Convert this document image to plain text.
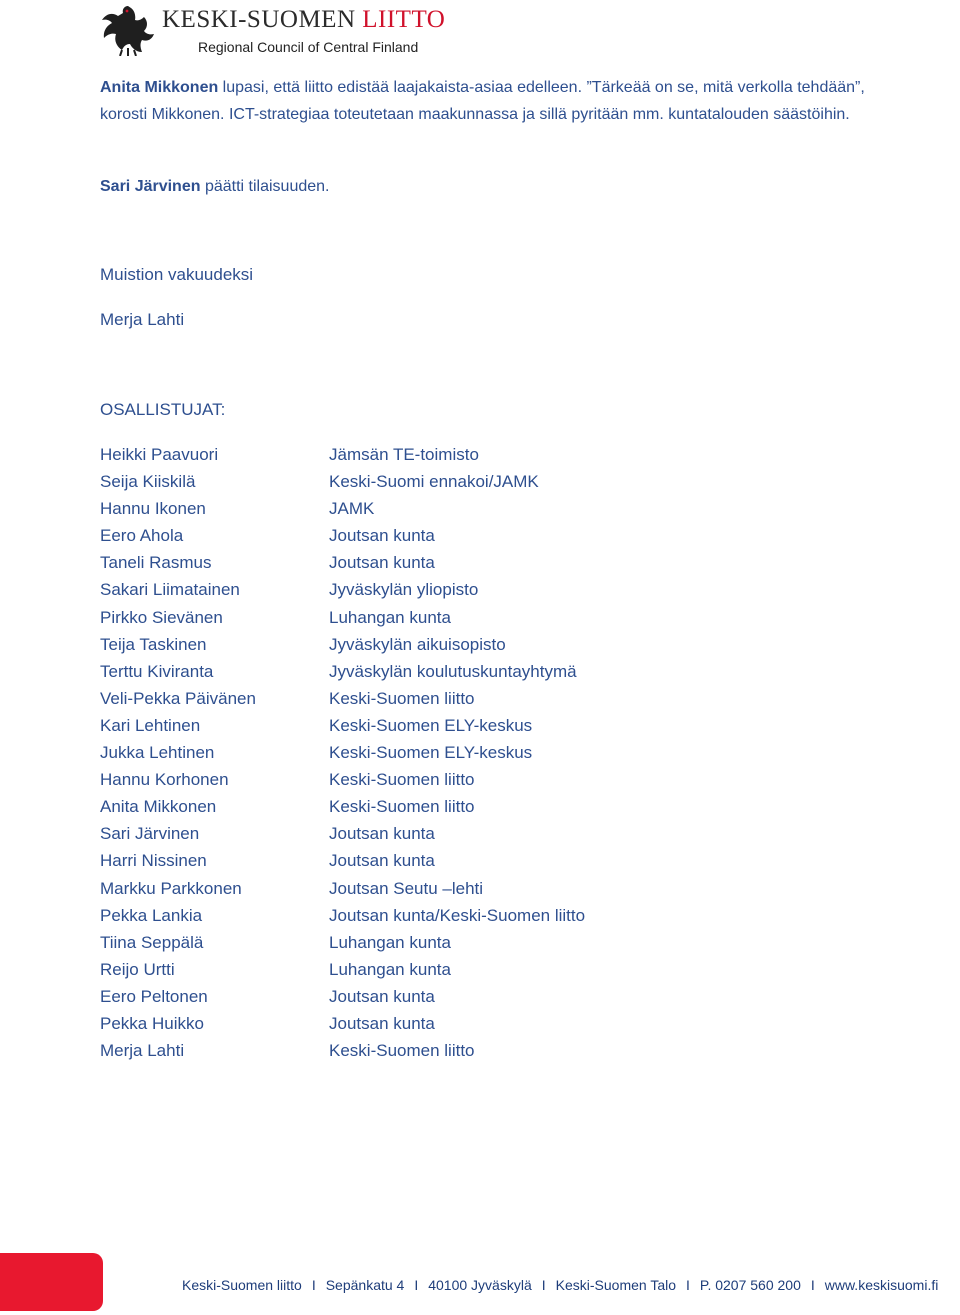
KESKI-SUOMEN LIITTO
Regional Council of Central Finland
Anita Mikkonen lupasi, että liitto edistää laajakaista-asiaa edelleen. ”Tärkeää on se, mitä verkolla tehdään”, korosti Mikkonen. ICT-strategiaa toteutetaan maakunnassa ja sillä pyritään mm. kuntatalouden säästöihin.
Sari Järvinen päätti tilaisuuden.
Muistion vakuudeksi
Merja Lahti
OSALLISTUJAT:
Heikki Paavuori	Jämsän TE-toimisto
Seija Kiiskilä	Keski-Suomi ennakoi/JAMK
Hannu Ikonen	JAMK
Eero Ahola	Joutsan kunta
Taneli Rasmus	Joutsan kunta
Sakari Liimatainen	Jyväskylän yliopisto
Pirkko Sievänen	Luhangan kunta
Teija Taskinen	Jyväskylän aikuisopisto
Terttu Kiviranta	Jyväskylän koulutuskuntayhtymä
Veli-Pekka Päivänen	Keski-Suomen liitto
Kari Lehtinen	Keski-Suomen ELY-keskus
Jukka Lehtinen	Keski-Suomen ELY-keskus
Hannu Korhonen	Keski-Suomen liitto
Anita Mikkonen	Keski-Suomen liitto
Sari Järvinen	Joutsan kunta
Harri Nissinen	Joutsan kunta
Markku Parkkonen	Joutsan Seutu –lehti
Pekka Lankia	Joutsan kunta/Keski-Suomen liitto
Tiina Seppälä	Luhangan kunta
Reijo Urtti	Luhangan kunta
Eero Peltonen	Joutsan kunta
Pekka Huikko	Joutsan kunta
Merja Lahti	Keski-Suomen liitto
Keski-Suomen liitto I Sepänkatu 4 I 40100 Jyväskylä I Keski-Suomen Talo I P. 0207 560 200 I www.keskisuomi.fi
